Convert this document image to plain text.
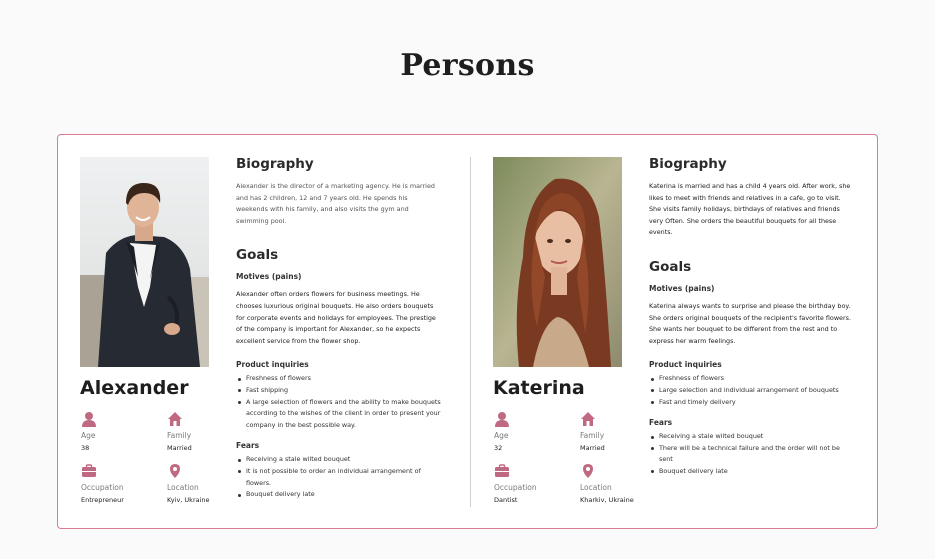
Persons
Alexander
Age
38
Family
Married
Occupation
Entrepreneur
Location
Kyiv, Ukraine
Biography
Alexander is the director of a marketing agency. He is married and has 2 children, 12 and 7 years old. He spends his weekends with his family, and also visits the gym and swimming pool.
Goals
Motives (pains)
Alexander often orders flowers for business meetings. He chooses luxurious original bouquets. He also orders bouquets for corporate events and holidays for employees. The prestige of the company is important for Alexander, so he expects excellent service from the flower shop.
Product inquiries
Freshness of flowers
Fast shipping
A large selection of flowers and the ability to make bouquets according to the wishes of the client in order to present your company in the best possible way.
Fears
Receiving a stale wilted bouquet
It is not possible to order an individual arrangement of flowers.
Bouquet delivery late
Katerina
Age
32
Family
Married
Occupation
Dantist
Location
Kharkiv, Ukraine
Biography
Katerina is married and has a child 4 years old. After work, she likes to meet with friends and relatives in a cafe, go to visit. She visits family holidays, birthdays of relatives and friends very Often. She orders the beautiful bouquets for all these events.
Goals
Motives (pains)
Katerina always wants to surprise and please the birthday boy. She orders original bouquets of the recipient's favorite flowers. She wants her bouquet to be different from the rest and to express her warm feelings.
Product inquiries
Freshness of flowers
Large selection and individual arrangement of bouquets
Fast and timely delivery
Fears
Receiving a stale wilted bouquet
There will be a technical failure and the order will not be sent
Bouquet delivery late
